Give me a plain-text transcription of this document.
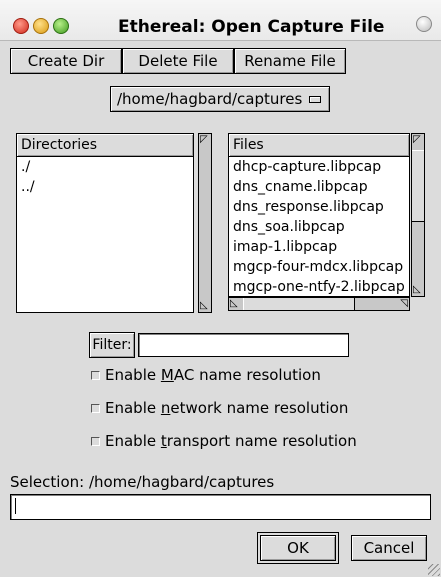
Ethereal: Open Capture File
Create Dir	Delete File	Rename File
/home/hagbard/captures
Directories
./
../
◸
◺
Files
dhcp-capture.libpcap
dns_cname.libpcap
dns_response.libpcap
dns_soa.libpcap
imap-1.libpcap
mgcp-four-mdcx.libpcap
mgcp-one-ntfy-2.libpcap
◸
◺
◺	◹
Filter:
Enable MAC name resolution
Enable network name resolution
Enable transport name resolution
Selection: /home/hagbard/captures
OK	Cancel
